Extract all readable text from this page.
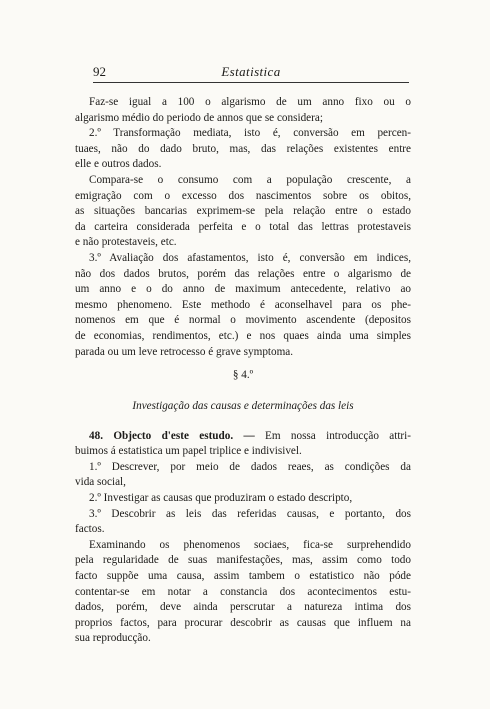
92	Estatistica
Faz-se igual a 100 o algarismo de um anno fixo ou o
algarismo médio do periodo de annos que se considera;
2.º Transformação mediata, isto é, conversão em percen-
tuaes, não do dado bruto, mas, das relações existentes entre
elle e outros dados.
Compara-se o consumo com a população crescente, a
emigração com o excesso dos nascimentos sobre os obitos,
as situações bancarias exprimem-se pela relação entre o estado
da carteira considerada perfeita e o total das lettras protestaveis
e não protestaveis, etc.
3.º Avaliação dos afastamentos, isto é, conversão em indices,
não dos dados brutos, porém das relações entre o algarismo de
um anno e o do anno de maximum antecedente, relativo ao
mesmo phenomeno. Este methodo é aconselhavel para os phe-
nomenos em que é normal o movimento ascendente (depositos
de economias, rendimentos, etc.) e nos quaes ainda uma simples
parada ou um leve retrocesso é grave symptoma.
§ 4.º
Investigação das causas e determinações das leis
48. Objecto d'este estudo. — Em nossa introducção attri-
buimos á estatistica um papel triplice e indivisivel.
1.º Descrever, por meio de dados reaes, as condições da
vida social,
2.º Investigar as causas que produziram o estado descripto,
3.º Descobrir as leis das referidas causas, e portanto, dos
factos.
Examinando os phenomenos sociaes, fica-se surprehendido
pela regularidade de suas manifestações, mas, assim como todo
facto suppõe uma causa, assim tambem o estatistico não póde
contentar-se em notar a constancia dos acontecimentos estu-
dados, porém, deve ainda perscrutar a natureza intima dos
proprios factos, para procurar descobrir as causas que influem na
sua reproducção.
